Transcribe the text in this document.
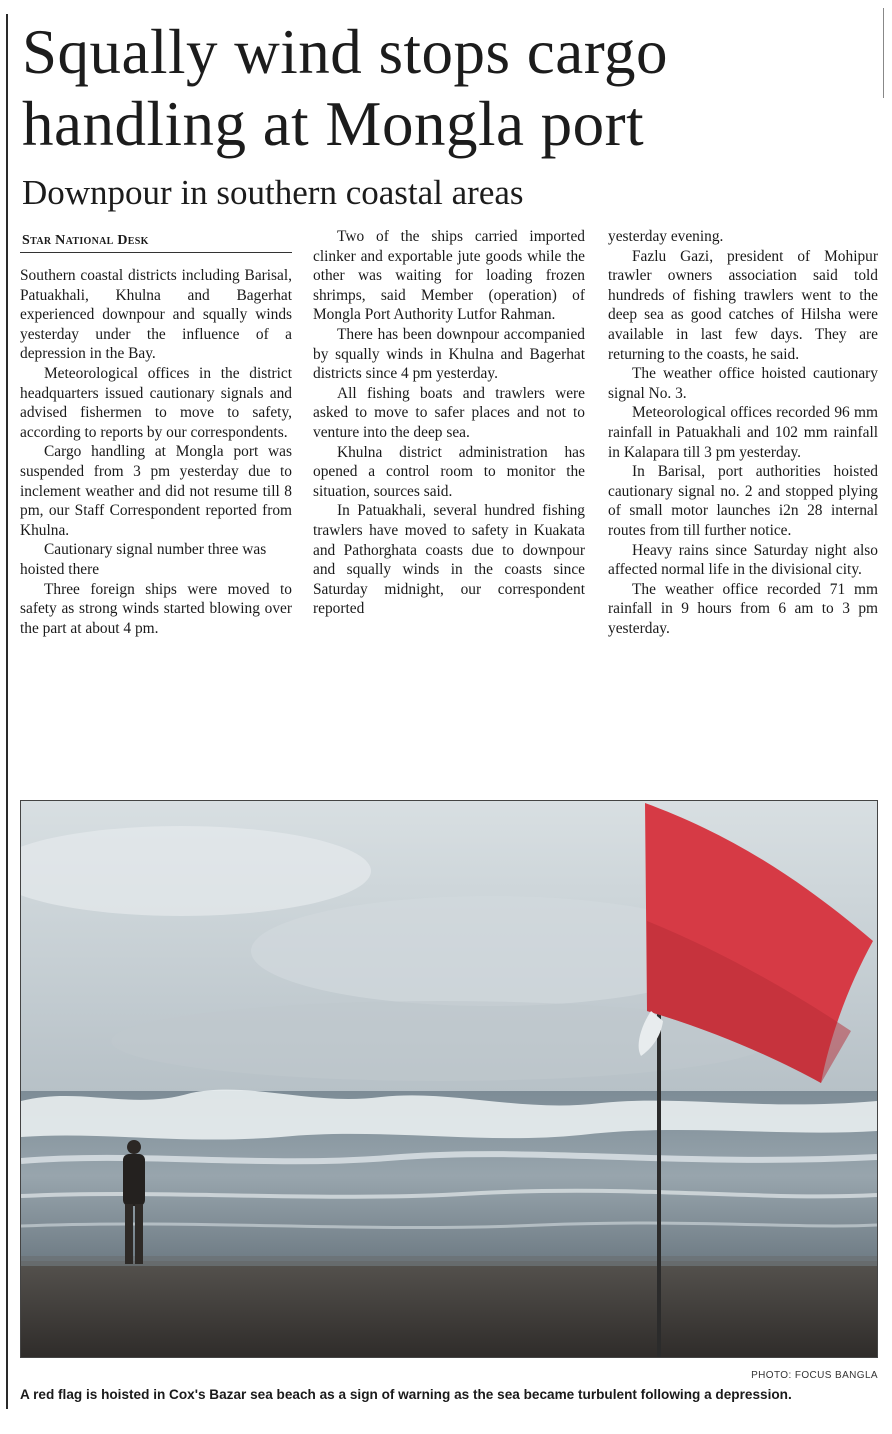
Squally wind stops cargo handling at Mongla port
Downpour in southern coastal areas
Star National Desk

Southern coastal districts including Barisal, Patuakhali, Khulna and Bagerhat experienced downpour and squally winds yesterday under the influence of a depression in the Bay.

Meteorological offices in the district headquarters issued cautionary signals and advised fishermen to move to safety, according to reports by our correspondents.

Cargo handling at Mongla port was suspended from 3 pm yesterday due to inclement weather and did not resume till 8 pm, our Staff Correspondent reported from Khulna.

Cautionary signal number three was hoisted there

Three foreign ships were moved to safety as strong winds started blowing over the part at about 4 pm.

Two of the ships carried imported clinker and exportable jute goods while the other was waiting for loading frozen shrimps, said Member (operation) of Mongla Port Authority Lutfor Rahman.

There has been downpour accompanied by squally winds in Khulna and Bagerhat districts since 4 pm yesterday.

All fishing boats and trawlers were asked to move to safer places and not to venture into the deep sea.

Khulna district administration has opened a control room to monitor the situation, sources said.

In Patuakhali, several hundred fishing trawlers have moved to safety in Kuakata and Pathorghata coasts due to downpour and squally winds in the coasts since Saturday midnight, our correspondent reported

yesterday evening.

Fazlu Gazi, president of Mohipur trawler owners association said told hundreds of fishing trawlers went to the deep sea as good catches of Hilsha were available in last few days. They are returning to the coasts, he said.

The weather office hoisted cautionary signal No. 3.

Meteorological offices recorded 96 mm rainfall in Patuakhali and 102 mm rainfall in Kalapara till 3 pm yesterday.

In Barisal, port authorities hoisted cautionary signal no. 2 and stopped plying of small motor launches i2n 28 internal routes from till further notice.

Heavy rains since Saturday night also affected normal life in the divisional city.

The weather office recorded 71 mm rainfall in 9 hours from 6 am to 3 pm yesterday.

PHOTO: FOCUS BANGLA
A red flag is hoisted in Cox's Bazar sea beach as a sign of warning as the sea became turbulent following a depression.
